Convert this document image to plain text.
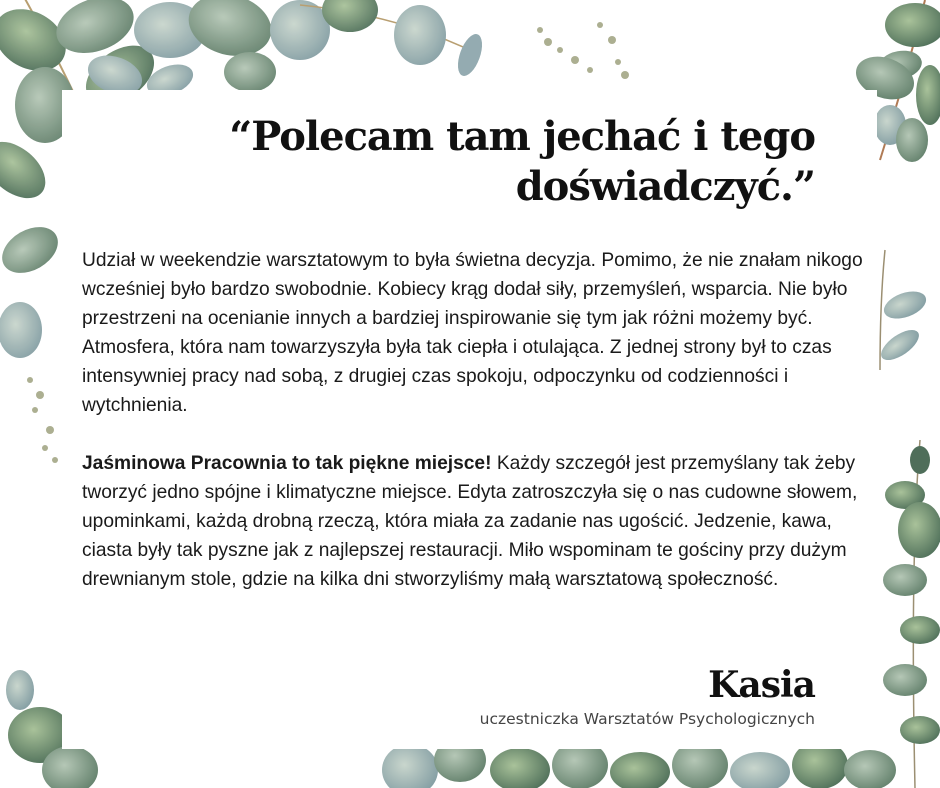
“Polecam tam jechać i tego doświadczyć.”

Udział w weekendzie warsztatowym to była świetna decyzja. Pomimo, że nie znałam nikogo wcześniej było bardzo swobodnie. Kobiecy krąg dodał siły, przemyśleń, wsparcia. Nie było przestrzeni na ocenianie innych a bardziej inspirowanie się tym jak różni możemy być. Atmosfera, która nam towarzyszyła była tak ciepła i otulająca. Z jednej strony był to czas intensywniej pracy nad sobą, z drugiej czas spokoju, odpoczynku od codzienności i wytchnienia.

Jaśminowa Pracownia to tak piękne miejsce! Każdy szczegół jest przemyślany tak żeby tworzyć jedno spójne i klimatyczne miejsce. Edyta zatroszczyła się o nas cudowne słowem, upominkami, każdą drobną rzeczą, która miała za zadanie nas ugościć. Jedzenie, kawa, ciasta były tak pyszne jak z najlepszej restauracji. Miło wspominam te gościny przy dużym drewnianym stole, gdzie na kilka dni stworzyliśmy małą warsztatową społeczność.

Kasia
uczestniczka Warsztatów Psychologicznych
